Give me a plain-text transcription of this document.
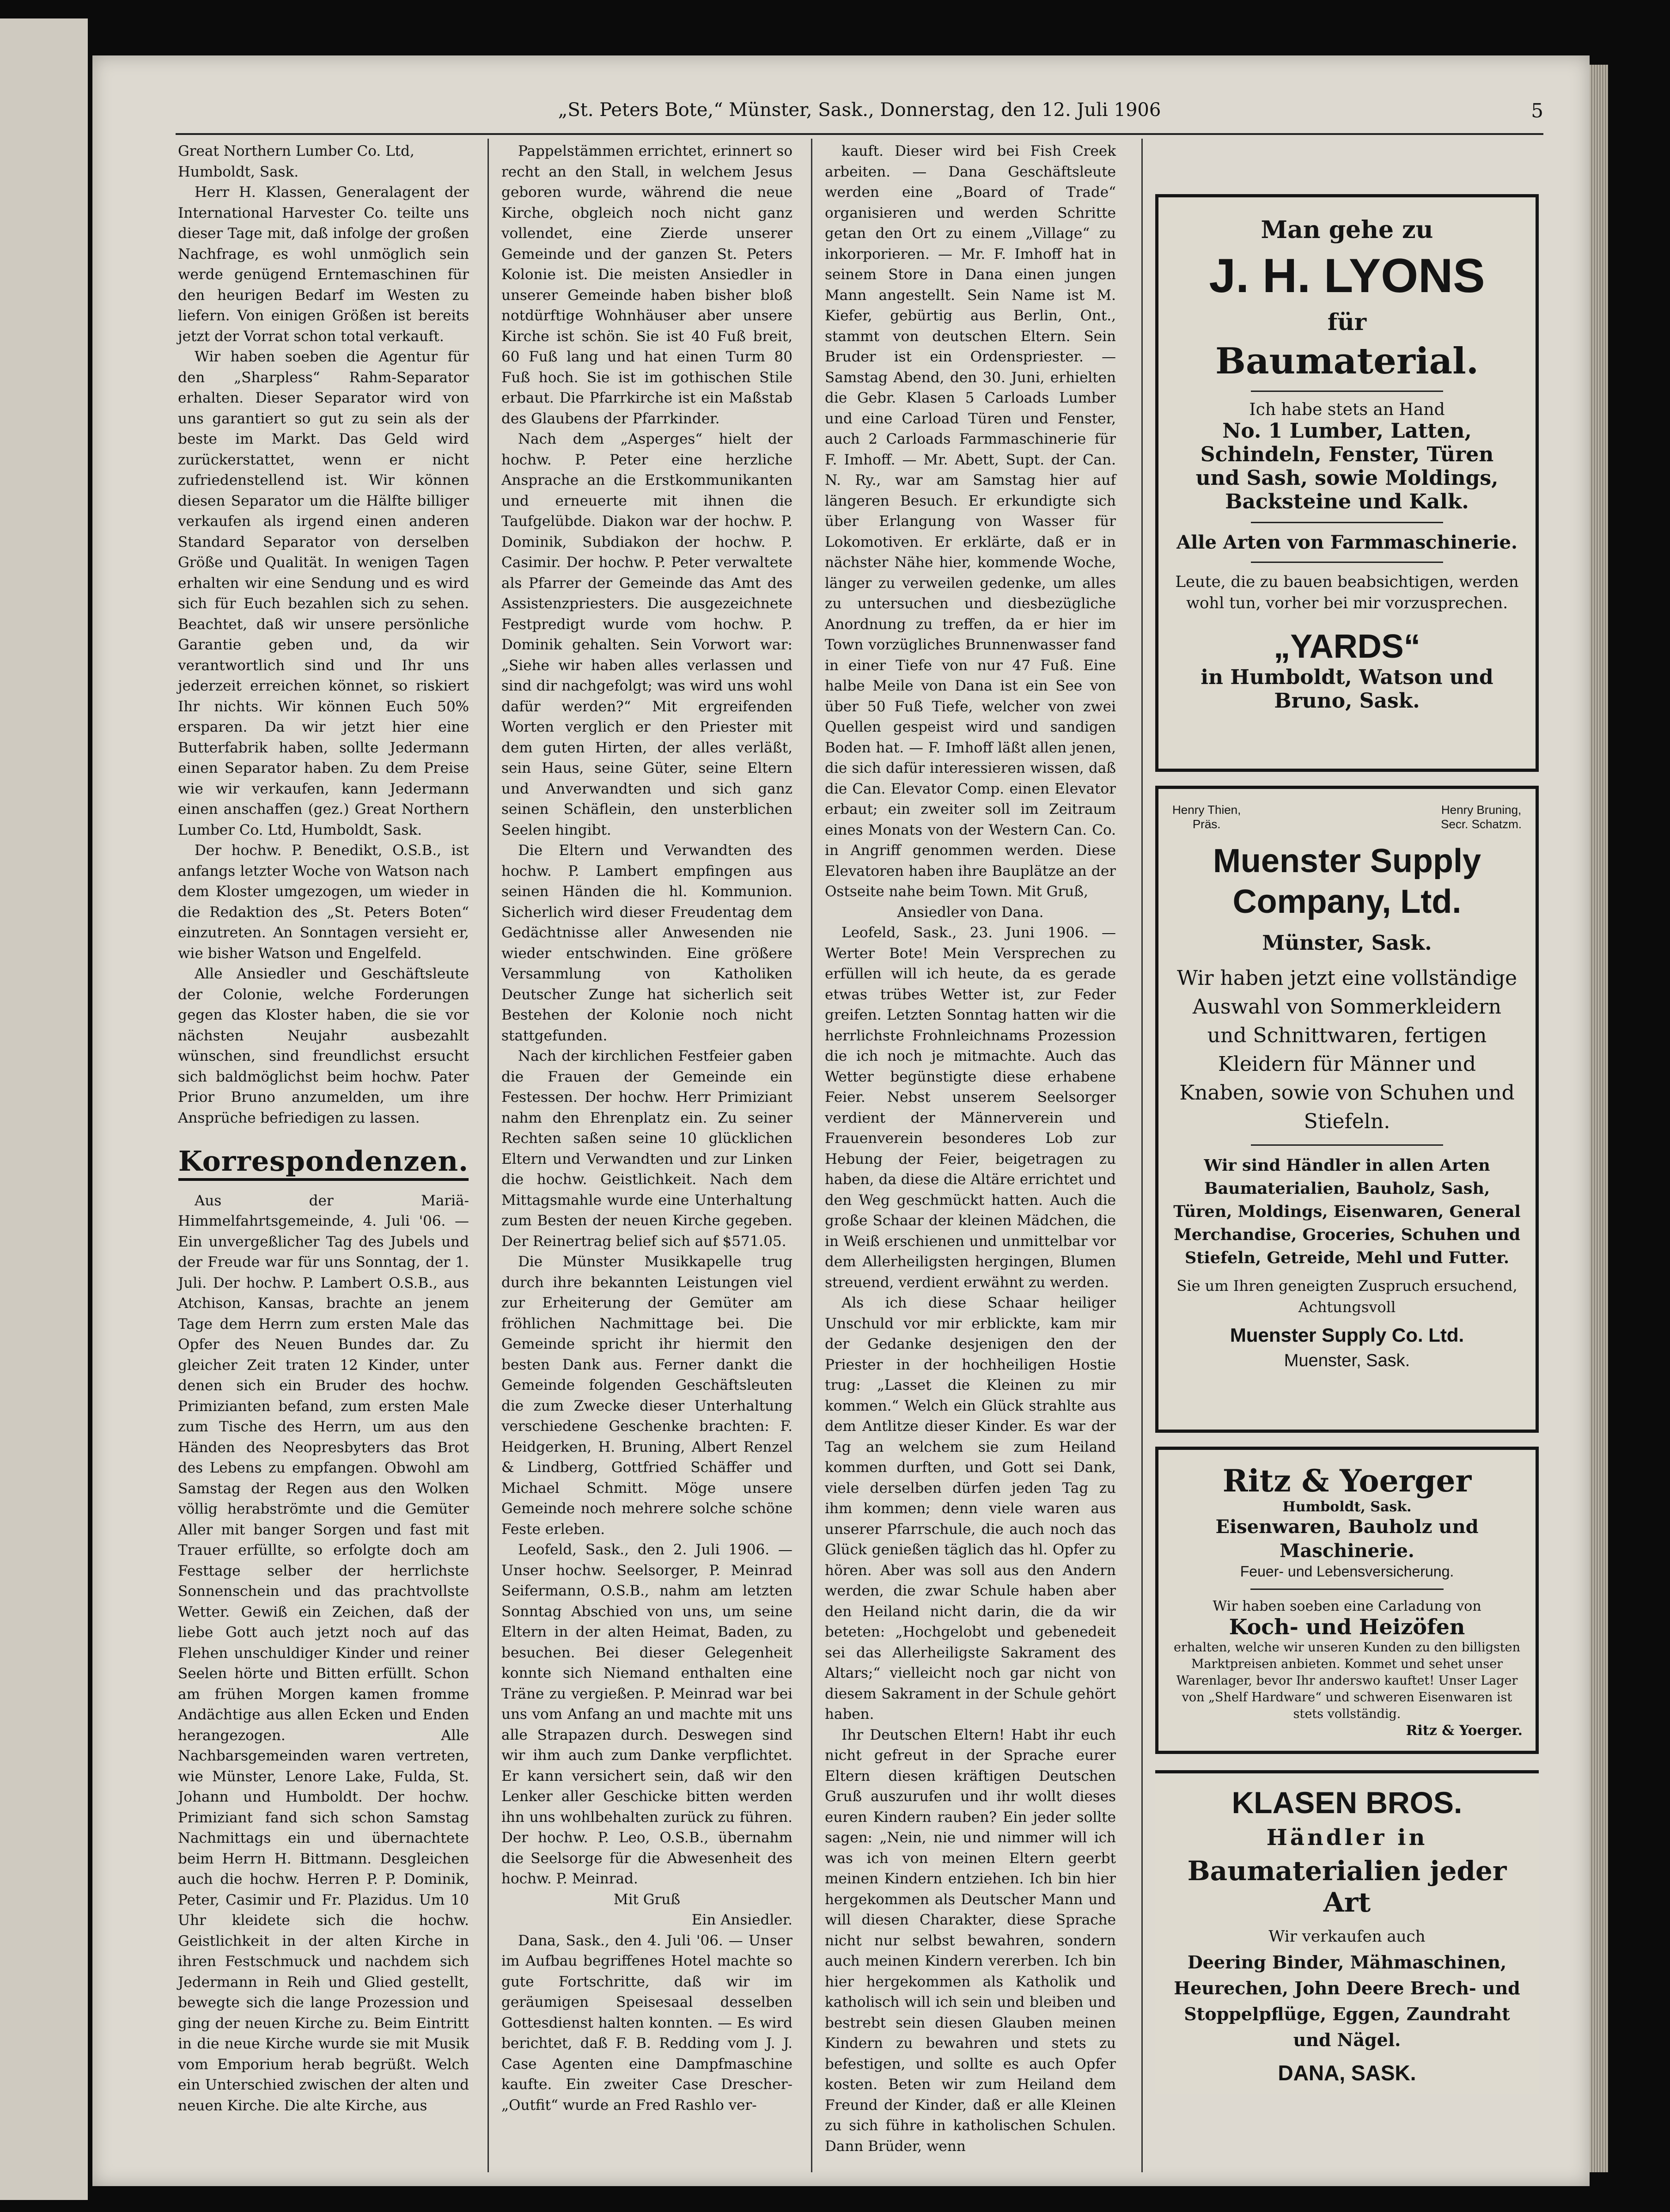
„St. Peters Bote,“ Münster, Sask., Donnerstag, den 12. Juli 1906	5

Great Northern Lumber Co. Ltd, Humboldt, Sask.

Herr H. Klassen, Generalagent der International Harvester Co. teilte uns dieser Tage mit, daß infolge der großen Nachfrage, es wohl unmöglich sein werde genügend Erntemaschinen für den heurigen Bedarf im Westen zu liefern. Von einigen Größen ist bereits jetzt der Vorrat schon total verkauft.

Wir haben soeben die Agentur für den „Sharpless“ Rahm-Separator erhalten. Dieser Separator wird von uns garantiert so gut zu sein als der beste im Markt. Das Geld wird zurückerstattet, wenn er nicht zufriedenstellend ist. Wir können diesen Separator um die Hälfte billiger verkaufen als irgend einen anderen Standard Separator von derselben Größe und Qualität. In wenigen Tagen erhalten wir eine Sendung und es wird sich für Euch bezahlen sich zu sehen. Beachtet, daß wir unsere persönliche Garantie geben und, da wir verantwortlich sind und Ihr uns jederzeit erreichen könnet, so riskiert Ihr nichts. Wir können Euch 50% ersparen. Da wir jetzt hier eine Butterfabrik haben, sollte Jedermann einen Separator haben. Zu dem Preise wie wir verkaufen, kann Jedermann einen anschaffen (gez.) Great Northern Lumber Co. Ltd, Humboldt, Sask.

Der hochw. P. Benedikt, O.S.B., ist anfangs letzter Woche von Watson nach dem Kloster umgezogen, um wieder in die Redaktion des „St. Peters Boten“ einzutreten. An Sonntagen versieht er, wie bisher Watson und Engelfeld.

Alle Ansiedler und Geschäftsleute der Colonie, welche Forderungen gegen das Kloster haben, die sie vor nächsten Neujahr ausbezahlt wünschen, sind freundlichst ersucht sich baldmöglichst beim hochw. Pater Prior Bruno anzumelden, um ihre Ansprüche befriedigen zu lassen.

Korrespondenzen.

Aus der Mariä-Himmelfahrtsgemeinde, 4. Juli '06. — Ein unvergeßlicher Tag des Jubels und der Freude war für uns Sonntag, der 1. Juli. Der hochw. P. Lambert O.S.B., aus Atchison, Kansas, brachte an jenem Tage dem Herrn zum ersten Male das Opfer des Neuen Bundes dar. Zu gleicher Zeit traten 12 Kinder, unter denen sich ein Bruder des hochw. Primizianten befand, zum ersten Male zum Tische des Herrn, um aus den Händen des Neopresbyters das Brot des Lebens zu empfangen. Obwohl am Samstag der Regen aus den Wolken völlig herabströmte und die Gemüter Aller mit banger Sorgen und fast mit Trauer erfüllte, so erfolgte doch am Festtage selber der herrlichste Sonnenschein und das prachtvollste Wetter. Gewiß ein Zeichen, daß der liebe Gott auch jetzt noch auf das Flehen unschuldiger Kinder und reiner Seelen hörte und Bitten erfüllt. Schon am frühen Morgen kamen fromme Andächtige aus allen Ecken und Enden herangezogen. Alle Nachbarsgemeinden waren vertreten, wie Münster, Lenore Lake, Fulda, St. Johann und Humboldt. Der hochw. Primiziant fand sich schon Samstag Nachmittags ein und übernachtete beim Herrn H. Bittmann. Desgleichen auch die hochw. Herren P. P. Dominik, Peter, Casimir und Fr. Plazidus. Um 10 Uhr kleidete sich die hochw. Geistlichkeit in der alten Kirche in ihren Festschmuck und nachdem sich Jedermann in Reih und Glied gestellt, bewegte sich die lange Prozession und ging der neuen Kirche zu. Beim Eintritt in die neue Kirche wurde sie mit Musik vom Emporium herab begrüßt. Welch ein Unterschied zwischen der alten und neuen Kirche. Die alte Kirche, aus

Pappelstämmen errichtet, erinnert so recht an den Stall, in welchem Jesus geboren wurde, während die neue Kirche, obgleich noch nicht ganz vollendet, eine Zierde unserer Gemeinde und der ganzen St. Peters Kolonie ist. Die meisten Ansiedler in unserer Gemeinde haben bisher bloß notdürftige Wohnhäuser aber unsere Kirche ist schön. Sie ist 40 Fuß breit, 60 Fuß lang und hat einen Turm 80 Fuß hoch. Sie ist im gothischen Stile erbaut. Die Pfarrkirche ist ein Maßstab des Glaubens der Pfarrkinder.

Nach dem „Asperges“ hielt der hochw. P. Peter eine herzliche Ansprache an die Erstkommunikanten und erneuerte mit ihnen die Taufgelübde. Diakon war der hochw. P. Dominik, Subdiakon der hochw. P. Casimir. Der hochw. P. Peter verwaltete als Pfarrer der Gemeinde das Amt des Assistenzpriesters. Die ausgezeichnete Festpredigt wurde vom hochw. P. Dominik gehalten. Sein Vorwort war: „Siehe wir haben alles verlassen und sind dir nachgefolgt; was wird uns wohl dafür werden?“ Mit ergreifenden Worten verglich er den Priester mit dem guten Hirten, der alles verläßt, sein Haus, seine Güter, seine Eltern und Anverwandten und sich ganz seinen Schäflein, den unsterblichen Seelen hingibt.

Die Eltern und Verwandten des hochw. P. Lambert empfingen aus seinen Händen die hl. Kommunion. Sicherlich wird dieser Freudentag dem Gedächtnisse aller Anwesenden nie wieder entschwinden. Eine größere Versammlung von Katholiken Deutscher Zunge hat sicherlich seit Bestehen der Kolonie noch nicht stattgefunden.

Nach der kirchlichen Festfeier gaben die Frauen der Gemeinde ein Festessen. Der hochw. Herr Primiziant nahm den Ehrenplatz ein. Zu seiner Rechten saßen seine 10 glücklichen Eltern und Verwandten und zur Linken die hochw. Geistlichkeit. Nach dem Mittagsmahle wurde eine Unterhaltung zum Besten der neuen Kirche gegeben. Der Reinertrag belief sich auf $571.05.

Die Münster Musikkapelle trug durch ihre bekannten Leistungen viel zur Erheiterung der Gemüter am fröhlichen Nachmittage bei. Die Gemeinde spricht ihr hiermit den besten Dank aus. Ferner dankt die Gemeinde folgenden Geschäftsleuten die zum Zwecke dieser Unterhaltung verschiedene Geschenke brachten: F. Heidgerken, H. Bruning, Albert Renzel & Lindberg, Gottfried Schäffer und Michael Schmitt. Möge unsere Gemeinde noch mehrere solche schöne Feste erleben.

Leofeld, Sask., den 2. Juli 1906. — Unser hochw. Seelsorger, P. Meinrad Seifermann, O.S.B., nahm am letzten Sonntag Abschied von uns, um seine Eltern in der alten Heimat, Baden, zu besuchen. Bei dieser Gelegenheit konnte sich Niemand enthalten eine Träne zu vergießen. P. Meinrad war bei uns vom Anfang an und machte mit uns alle Strapazen durch. Deswegen sind wir ihm auch zum Danke verpflichtet. Er kann versichert sein, daß wir den Lenker aller Geschicke bitten werden ihn uns wohlbehalten zurück zu führen. Der hochw. P. Leo, O.S.B., übernahm die Seelsorge für die Abwesenheit des hochw. P. Meinrad.

Mit Gruß

Ein Ansiedler.

Dana, Sask., den 4. Juli '06. — Unser im Aufbau begriffenes Hotel machte so gute Fortschritte, daß wir im geräumigen Speisesaal desselben Gottesdienst halten konnten. — Es wird berichtet, daß F. B. Redding vom J. J. Case Agenten eine Dampfmaschine kaufte. Ein zweiter Case Drescher-„Outfit“ wurde an Fred Rashlo ver-

kauft. Dieser wird bei Fish Creek arbeiten. — Dana Geschäftsleute werden eine „Board of Trade“ organisieren und werden Schritte getan den Ort zu einem „Village“ zu inkorporieren. — Mr. F. Imhoff hat in seinem Store in Dana einen jungen Mann angestellt. Sein Name ist M. Kiefer, gebürtig aus Berlin, Ont., stammt von deutschen Eltern. Sein Bruder ist ein Ordenspriester. — Samstag Abend, den 30. Juni, erhielten die Gebr. Klasen 5 Carloads Lumber und eine Carload Türen und Fenster, auch 2 Carloads Farmmaschinerie für F. Imhoff. — Mr. Abett, Supt. der Can. N. Ry., war am Samstag hier auf längeren Besuch. Er erkundigte sich über Erlangung von Wasser für Lokomotiven. Er erklärte, daß er in nächster Nähe hier, kommende Woche, länger zu verweilen gedenke, um alles zu untersuchen und diesbezügliche Anordnung zu treffen, da er hier im Town vorzügliches Brunnenwasser fand in einer Tiefe von nur 47 Fuß. Eine halbe Meile von Dana ist ein See von über 50 Fuß Tiefe, welcher von zwei Quellen gespeist wird und sandigen Boden hat. — F. Imhoff läßt allen jenen, die sich dafür interessieren wissen, daß die Can. Elevator Comp. einen Elevator erbaut; ein zweiter soll im Zeitraum eines Monats von der Western Can. Co. in Angriff genommen werden. Diese Elevatoren haben ihre Bauplätze an der Ostseite nahe beim Town. Mit Gruß,

Ansiedler von Dana.

Leofeld, Sask., 23. Juni 1906. — Werter Bote! Mein Versprechen zu erfüllen will ich heute, da es gerade etwas trübes Wetter ist, zur Feder greifen. Letzten Sonntag hatten wir die herrlichste Frohnleichnams Prozession die ich noch je mitmachte. Auch das Wetter begünstigte diese erhabene Feier. Nebst unserem Seelsorger verdient der Männerverein und Frauenverein besonderes Lob zur Hebung der Feier, beigetragen zu haben, da diese die Altäre errichtet und den Weg geschmückt hatten. Auch die große Schaar der kleinen Mädchen, die in Weiß erschienen und unmittelbar vor dem Allerheiligsten hergingen, Blumen streuend, verdient erwähnt zu werden.

Als ich diese Schaar heiliger Unschuld vor mir erblickte, kam mir der Gedanke desjenigen den der Priester in der hochheiligen Hostie trug: „Lasset die Kleinen zu mir kommen.“ Welch ein Glück strahlte aus dem Antlitze dieser Kinder. Es war der Tag an welchem sie zum Heiland kommen durften, und Gott sei Dank, viele derselben dürfen jeden Tag zu ihm kommen; denn viele waren aus unserer Pfarrschule, die auch noch das Glück genießen täglich das hl. Opfer zu hören. Aber was soll aus den Andern werden, die zwar Schule haben aber den Heiland nicht darin, die da wir beteten: „Hochgelobt und gebenedeit sei das Allerheiligste Sakrament des Altars;“ vielleicht noch gar nicht von diesem Sakrament in der Schule gehört haben.

Ihr Deutschen Eltern! Habt ihr euch nicht gefreut in der Sprache eurer Eltern diesen kräftigen Deutschen Gruß auszurufen und ihr wollt dieses euren Kindern rauben? Ein jeder sollte sagen: „Nein, nie und nimmer will ich was ich von meinen Eltern geerbt meinen Kindern entziehen. Ich bin hier hergekommen als Deutscher Mann und will diesen Charakter, diese Sprache nicht nur selbst bewahren, sondern auch meinen Kindern vererben. Ich bin hier hergekommen als Katholik und katholisch will ich sein und bleiben und bestrebt sein diesen Glauben meinen Kindern zu bewahren und stets zu befestigen, und sollte es auch Opfer kosten. Beten wir zum Heiland dem Freund der Kinder, daß er alle Kleinen zu sich führe in katholischen Schulen. Dann Brüder, wenn

Man gehe zu
J. H. LYONS
für
Baumaterial.
Ich habe stets an Hand
No. 1 Lumber, Latten,
Schindeln, Fenster, Türen
und Sash, sowie Moldings,
Backsteine und Kalk.
Alle Arten von Farmmaschinerie.
Leute, die zu bauen beabsichtigen, werden wohl tun, vorher bei mir vorzusprechen.
„YARDS“
in Humboldt, Watson und
Bruno, Sask.
Henry Thien,
Präs.
Henry Bruning,
Secr. Schatzm.
Muenster Supply
Company, Ltd.
Münster, Sask.
Wir haben jetzt eine vollständige Auswahl von Sommerkleidern und Schnittwaren, fertigen Kleidern für Männer und Knaben, sowie von Schuhen und Stiefeln.
Wir sind Händler in allen Arten Baumaterialien, Bauholz, Sash, Türen, Moldings, Eisenwaren, General Merchandise, Groceries, Schuhen und Stiefeln, Getreide, Mehl und Futter.
Sie um Ihren geneigten Zuspruch ersuchend, Achtungsvoll
Muenster Supply Co. Ltd.
Muenster, Sask.
Ritz & Yoerger
Humboldt, Sask.
Eisenwaren, Bauholz und Maschinerie.
Feuer- und Lebensversicherung.
Wir haben soeben eine Carladung von
Koch- und Heizöfen
erhalten, welche wir unseren Kunden zu den billigsten Marktpreisen anbieten. Kommet und sehet unser Warenlager, bevor Ihr anderswo kauftet! Unser Lager von „Shelf Hardware“ und schweren Eisenwaren ist stets vollständig.
Ritz & Yoerger.
KLASEN BROS.
Händler in
Baumaterialien jeder Art
Wir verkaufen auch
Deering Binder, Mähmaschinen, Heurechen, John Deere Brech- und Stoppelpflüge, Eggen, Zaundraht und Nägel.
DANA, SASK.
